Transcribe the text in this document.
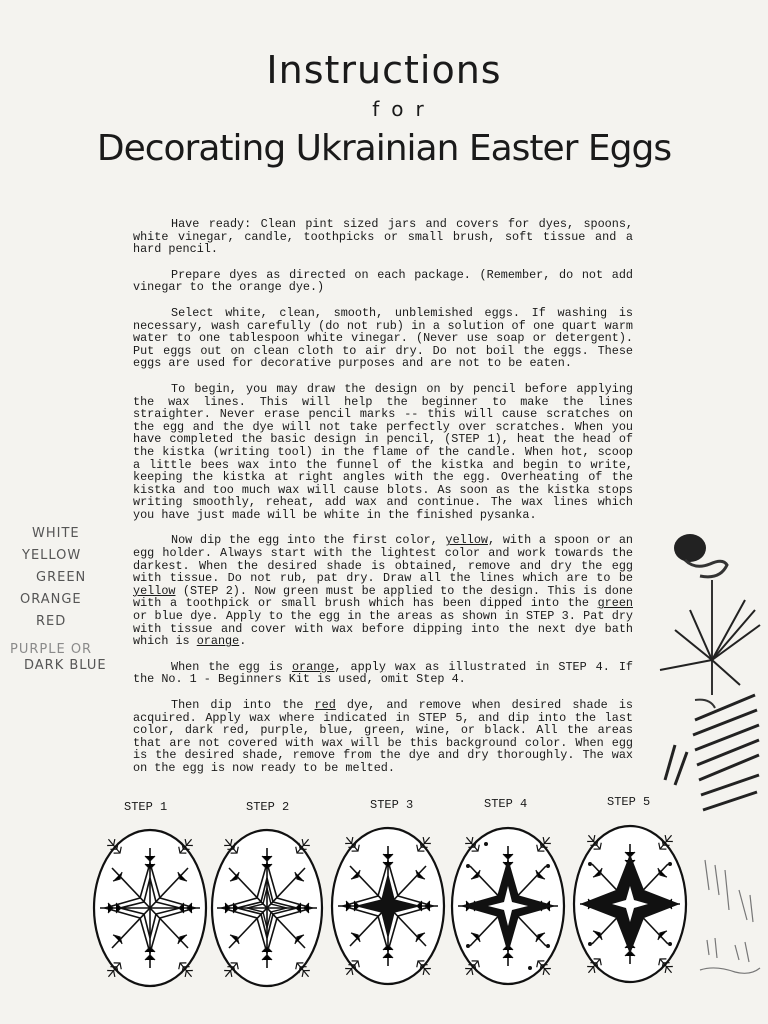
Instructions
for
Decorating Ukrainian Easter Eggs

Have ready: Clean pint sized jars and covers for dyes, spoons, white vinegar, candle, toothpicks or small brush, soft tissue and a hard pencil.

Prepare dyes as directed on each package. (Remember, do not add vinegar to the orange dye.)

Select white, clean, smooth, unblemished eggs. If washing is necessary, wash carefully (do not rub) in a solution of one quart warm water to one tablespoon white vinegar. (Never use soap or detergent). Put eggs out on clean cloth to air dry. Do not boil the eggs. These eggs are used for decorative purposes and are not to be eaten.

To begin, you may draw the design on by pencil before applying the wax lines. This will help the beginner to make the lines straighter. Never erase pencil marks -- this will cause scratches on the egg and the dye will not take perfectly over scratches. When you have completed the basic design in pencil, (STEP 1), heat the head of the kistka (writing tool) in the flame of the candle. When hot, scoop a little bees wax into the funnel of the kistka and begin to write, keeping the kistka at right angles with the egg. Overheating of the kistka and too much wax will cause blots. As soon as the kistka stops writing smoothly, reheat, add wax and continue. The wax lines which you have just made will be white in the finished pysanka.

Now dip the egg into the first color, yellow, with a spoon or an egg holder. Always start with the lightest color and work towards the darkest. When the desired shade is obtained, remove and dry the egg with tissue. Do not rub, pat dry. Draw all the lines which are to be yellow (STEP 2). Now green must be applied to the design. This is done with a toothpick or small brush which has been dipped into the green or blue dye. Apply to the egg in the areas as shown in STEP 3. Pat dry with tissue and cover with wax before dipping into the next dye bath which is orange.

When the egg is orange, apply wax as illustrated in STEP 4. If the No. 1 - Beginners Kit is used, omit Step 4.

Then dip into the red dye, and remove when desired shade is acquired. Apply wax where indicated in STEP 5, and dip into the last color, dark red, purple, blue, green, wine, or black. All the areas that are not covered with wax will be this background color. When egg is the desired shade, remove from the dye and dry thoroughly. The wax on the egg is now ready to be melted.

WHITE
YELLOW
GREEN
ORANGE
RED
PURPLE OR
DARK BLUE
STEP 1	STEP 2	STEP 3	STEP 4	STEP 5
